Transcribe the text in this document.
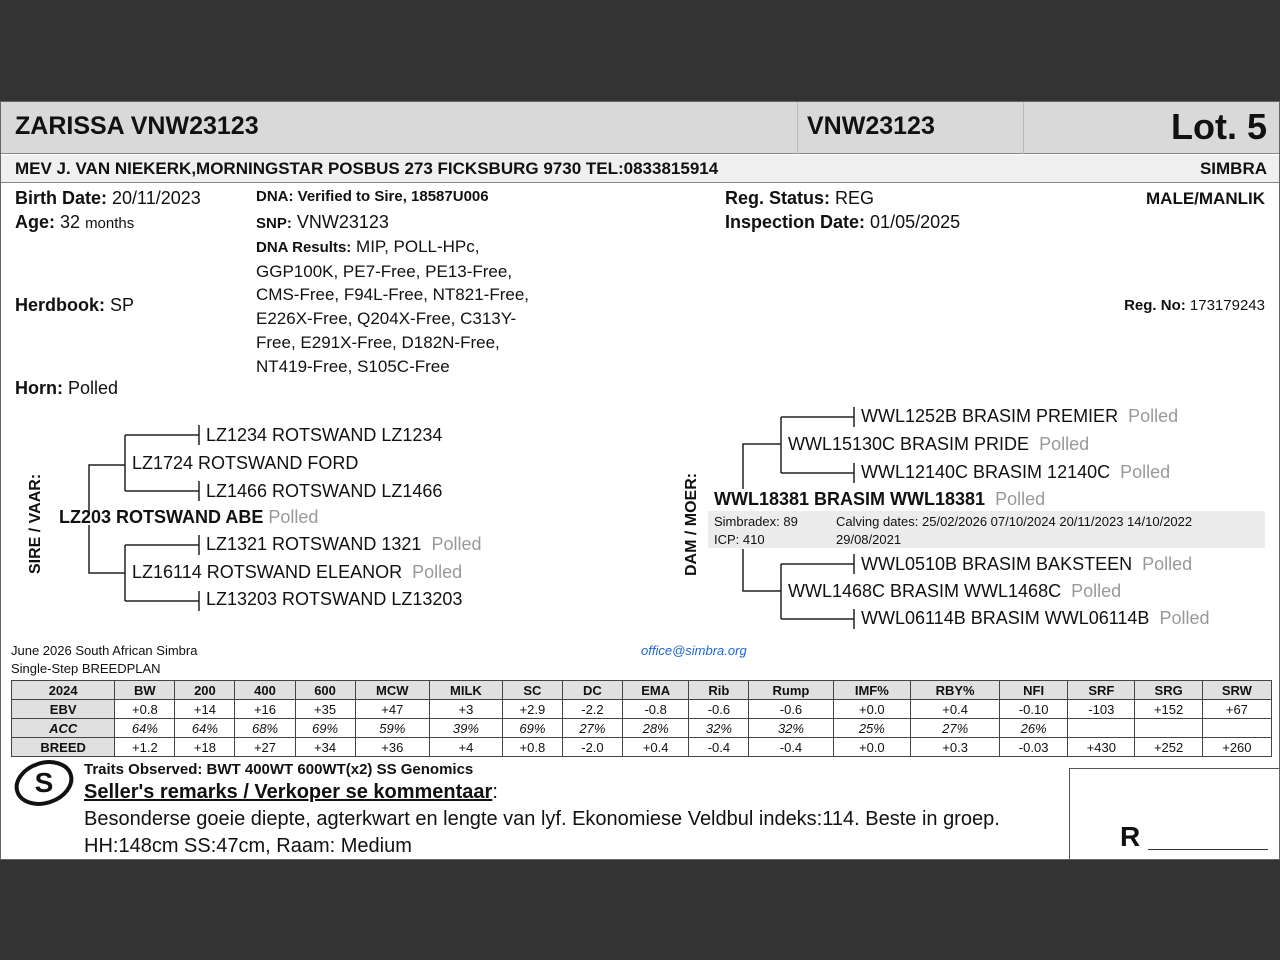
ZARISSA VNW23123	VNW23123	Lot. 5
MEV J. VAN NIEKERK,MORNINGSTAR POSBUS 273 FICKSBURG 9730 TEL:0833815914	SIMBRA
Birth Date: 20/11/2023
Age: 32 months
Herdbook: SP
Horn: Polled
DNA: Verified to Sire, 18587U006
SNP: VNW23123
DNA Results: MIP, POLL-HPc, GGP100K, PE7-Free, PE13-Free, CMS-Free, F94L-Free, NT821-Free, E226X-Free, Q204X-Free, C313Y-Free, E291X-Free, D182N-Free, NT419-Free, S105C-Free
Reg. Status: REG
Inspection Date: 01/05/2025
MALE/MANLIK
Reg. No: 173179243
SIRE / VAAR:
LZ1234 ROTSWAND LZ1234
LZ1724 ROTSWAND FORD
LZ1466 ROTSWAND LZ1466
LZ203 ROTSWAND ABE Polled
LZ1321 ROTSWAND 1321 Polled
LZ16114 ROTSWAND ELEANOR Polled
LZ13203 ROTSWAND LZ13203
DAM / MOER:
WWL1252B BRASIM PREMIER Polled
WWL15130C BRASIM PRIDE Polled
WWL12140C BRASIM 12140C Polled
WWL18381 BRASIM WWL18381 Polled
Simbradex: 89
ICP: 410
Calving dates: 25/02/2026 07/10/2024 20/11/2023 14/10/2022
29/08/2021
WWL0510B BRASIM BAKSTEEN Polled
WWL1468C BRASIM WWL1468C Polled
WWL06114B BRASIM WWL06114B Polled
June 2026 South African Simbra
Single-Step BREEDPLAN
office@simbra.org
2024	BW	200	400	600	MCW	MILK	SC	DC	EMA	Rib	Rump	IMF%	RBY%	NFI	SRF	SRG	SRW
EBV	+0.8	+14	+16	+35	+47	+3	+2.9	-2.2	-0.8	-0.6	-0.6	+0.0	+0.4	-0.10	-103	+152	+67
ACC	64%	64%	68%	69%	59%	39%	69%	27%	28%	32%	32%	25%	27%	26%			
BREED	+1.2	+18	+27	+34	+36	+4	+0.8	-2.0	+0.4	-0.4	-0.4	+0.0	+0.3	-0.03	+430	+252	+260
S Traits Observed: BWT 400WT 600WT(x2) SS Genomics
Seller's remarks / Verkoper se kommentaar:
Besonderse goeie diepte, agterkwart en lengte van lyf. Ekonomiese Veldbul indeks:114. Beste in groep.
HH:148cm SS:47cm, Raam: Medium	R
